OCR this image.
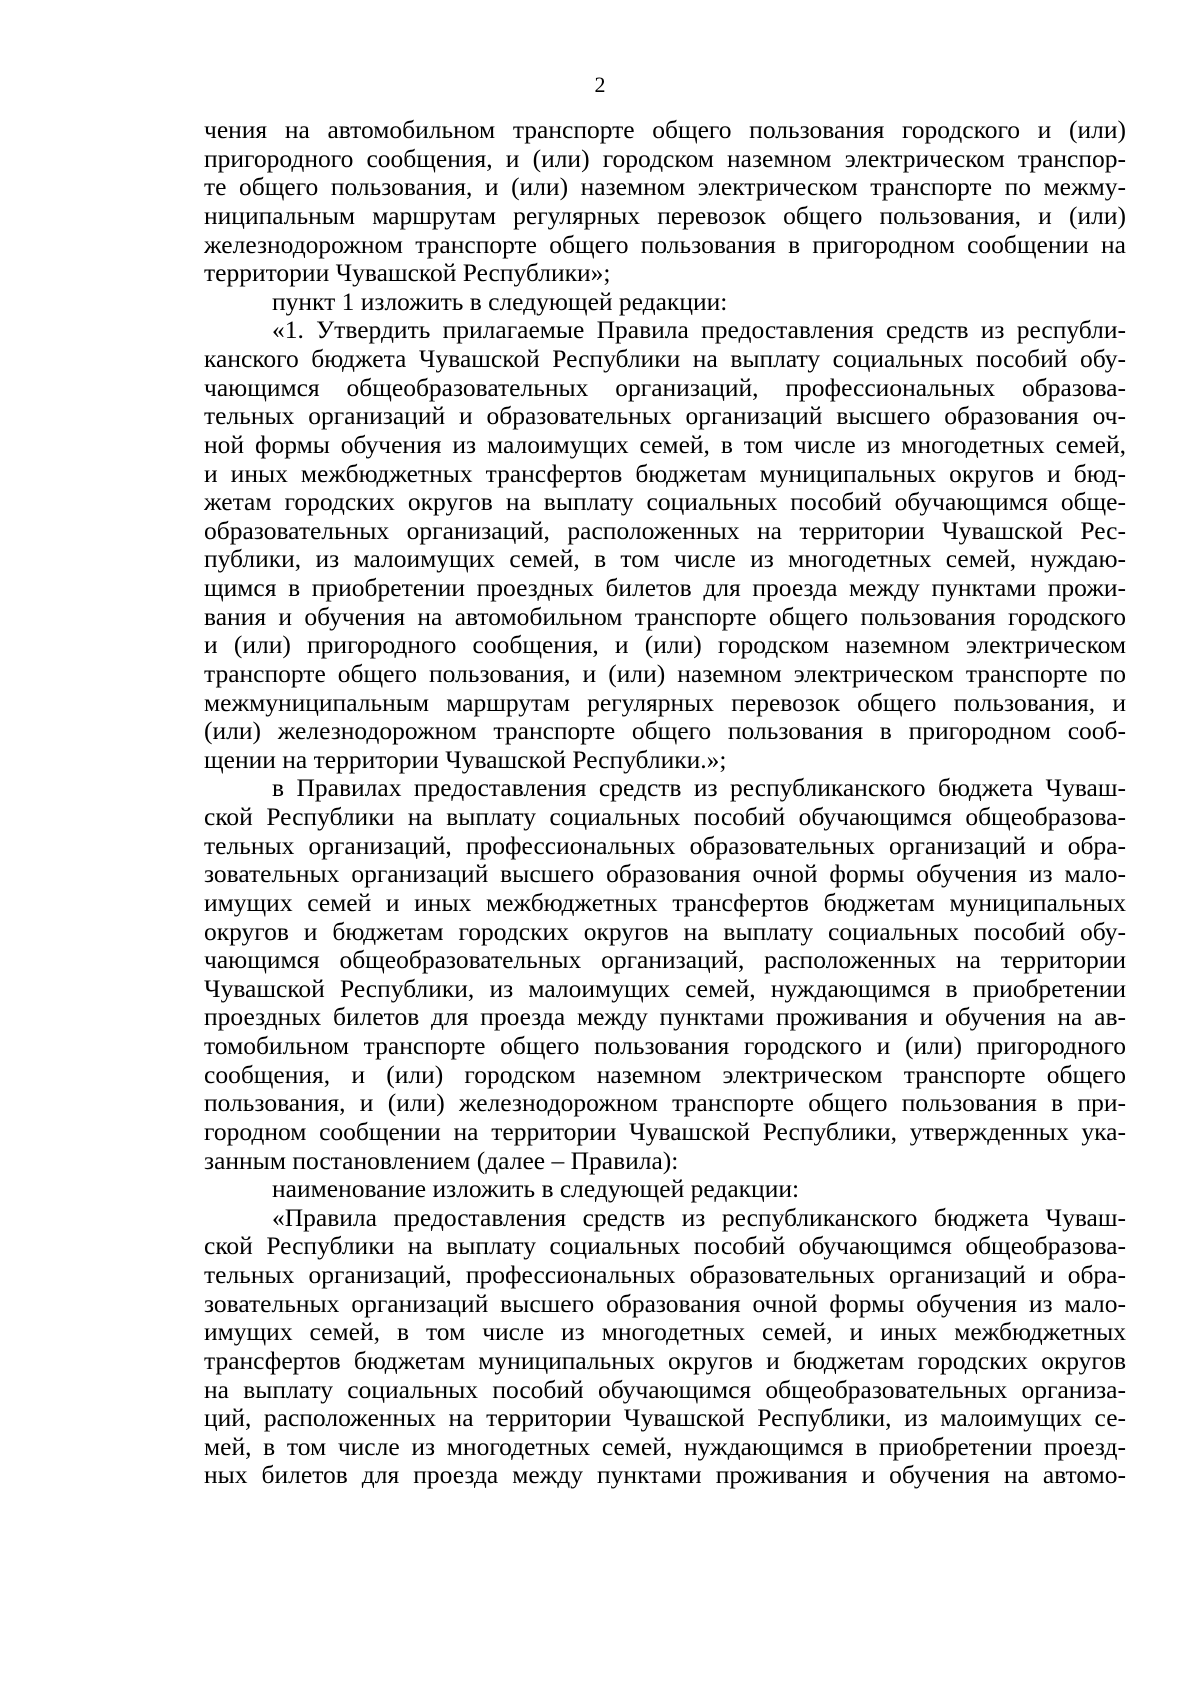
2
чения на автомобильном транспорте общего пользования городского и (или)
пригородного сообщения, и (или) городском наземном электрическом транспор-
те общего пользования, и (или) наземном электрическом транспорте по межму-
ниципальным маршрутам регулярных перевозок общего пользования, и (или)
железнодорожном транспорте общего пользования в пригородном сообщении на
территории Чувашской Республики»;
пункт 1 изложить в следующей редакции:
«1. Утвердить прилагаемые Правила предоставления средств из республи-
канского бюджета Чувашской Республики на выплату социальных пособий обу-
чающимся общеобразовательных организаций, профессиональных образова-
тельных организаций и образовательных организаций высшего образования оч-
ной формы обучения из малоимущих семей, в том числе из многодетных семей,
и иных межбюджетных трансфертов бюджетам муниципальных округов и бюд-
жетам городских округов на выплату социальных пособий обучающимся обще-
образовательных организаций, расположенных на территории Чувашской Рес-
публики, из малоимущих семей, в том числе из многодетных семей, нуждаю-
щимся в приобретении проездных билетов для проезда между пунктами прожи-
вания и обучения на автомобильном транспорте общего пользования городского
и (или) пригородного сообщения, и (или) городском наземном электрическом
транспорте общего пользования, и (или) наземном электрическом транспорте по
межмуниципальным маршрутам регулярных перевозок общего пользования, и
(или) железнодорожном транспорте общего пользования в пригородном сооб-
щении на территории Чувашской Республики.»;
в Правилах предоставления средств из республиканского бюджета Чуваш-
ской Республики на выплату социальных пособий обучающимся общеобразова-
тельных организаций, профессиональных образовательных организаций и обра-
зовательных организаций высшего образования очной формы обучения из мало-
имущих семей и иных межбюджетных трансфертов бюджетам муниципальных
округов и бюджетам городских округов на выплату социальных пособий обу-
чающимся общеобразовательных организаций, расположенных на территории
Чувашской Республики, из малоимущих семей, нуждающимся в приобретении
проездных билетов для проезда между пунктами проживания и обучения на ав-
томобильном транспорте общего пользования городского и (или) пригородного
сообщения, и (или) городском наземном электрическом транспорте общего
пользования, и (или) железнодорожном транспорте общего пользования в при-
городном сообщении на территории Чувашской Республики, утвержденных ука-
занным постановлением (далее – Правила):
наименование изложить в следующей редакции:
«Правила предоставления средств из республиканского бюджета Чуваш-
ской Республики на выплату социальных пособий обучающимся общеобразова-
тельных организаций, профессиональных образовательных организаций и обра-
зовательных организаций высшего образования очной формы обучения из мало-
имущих семей, в том числе из многодетных семей, и иных межбюджетных
трансфертов бюджетам муниципальных округов и бюджетам городских округов
на выплату социальных пособий обучающимся общеобразовательных организа-
ций, расположенных на территории Чувашской Республики, из малоимущих се-
мей, в том числе из многодетных семей, нуждающимся в приобретении проезд-
ных билетов для проезда между пунктами проживания и обучения на автомо-
